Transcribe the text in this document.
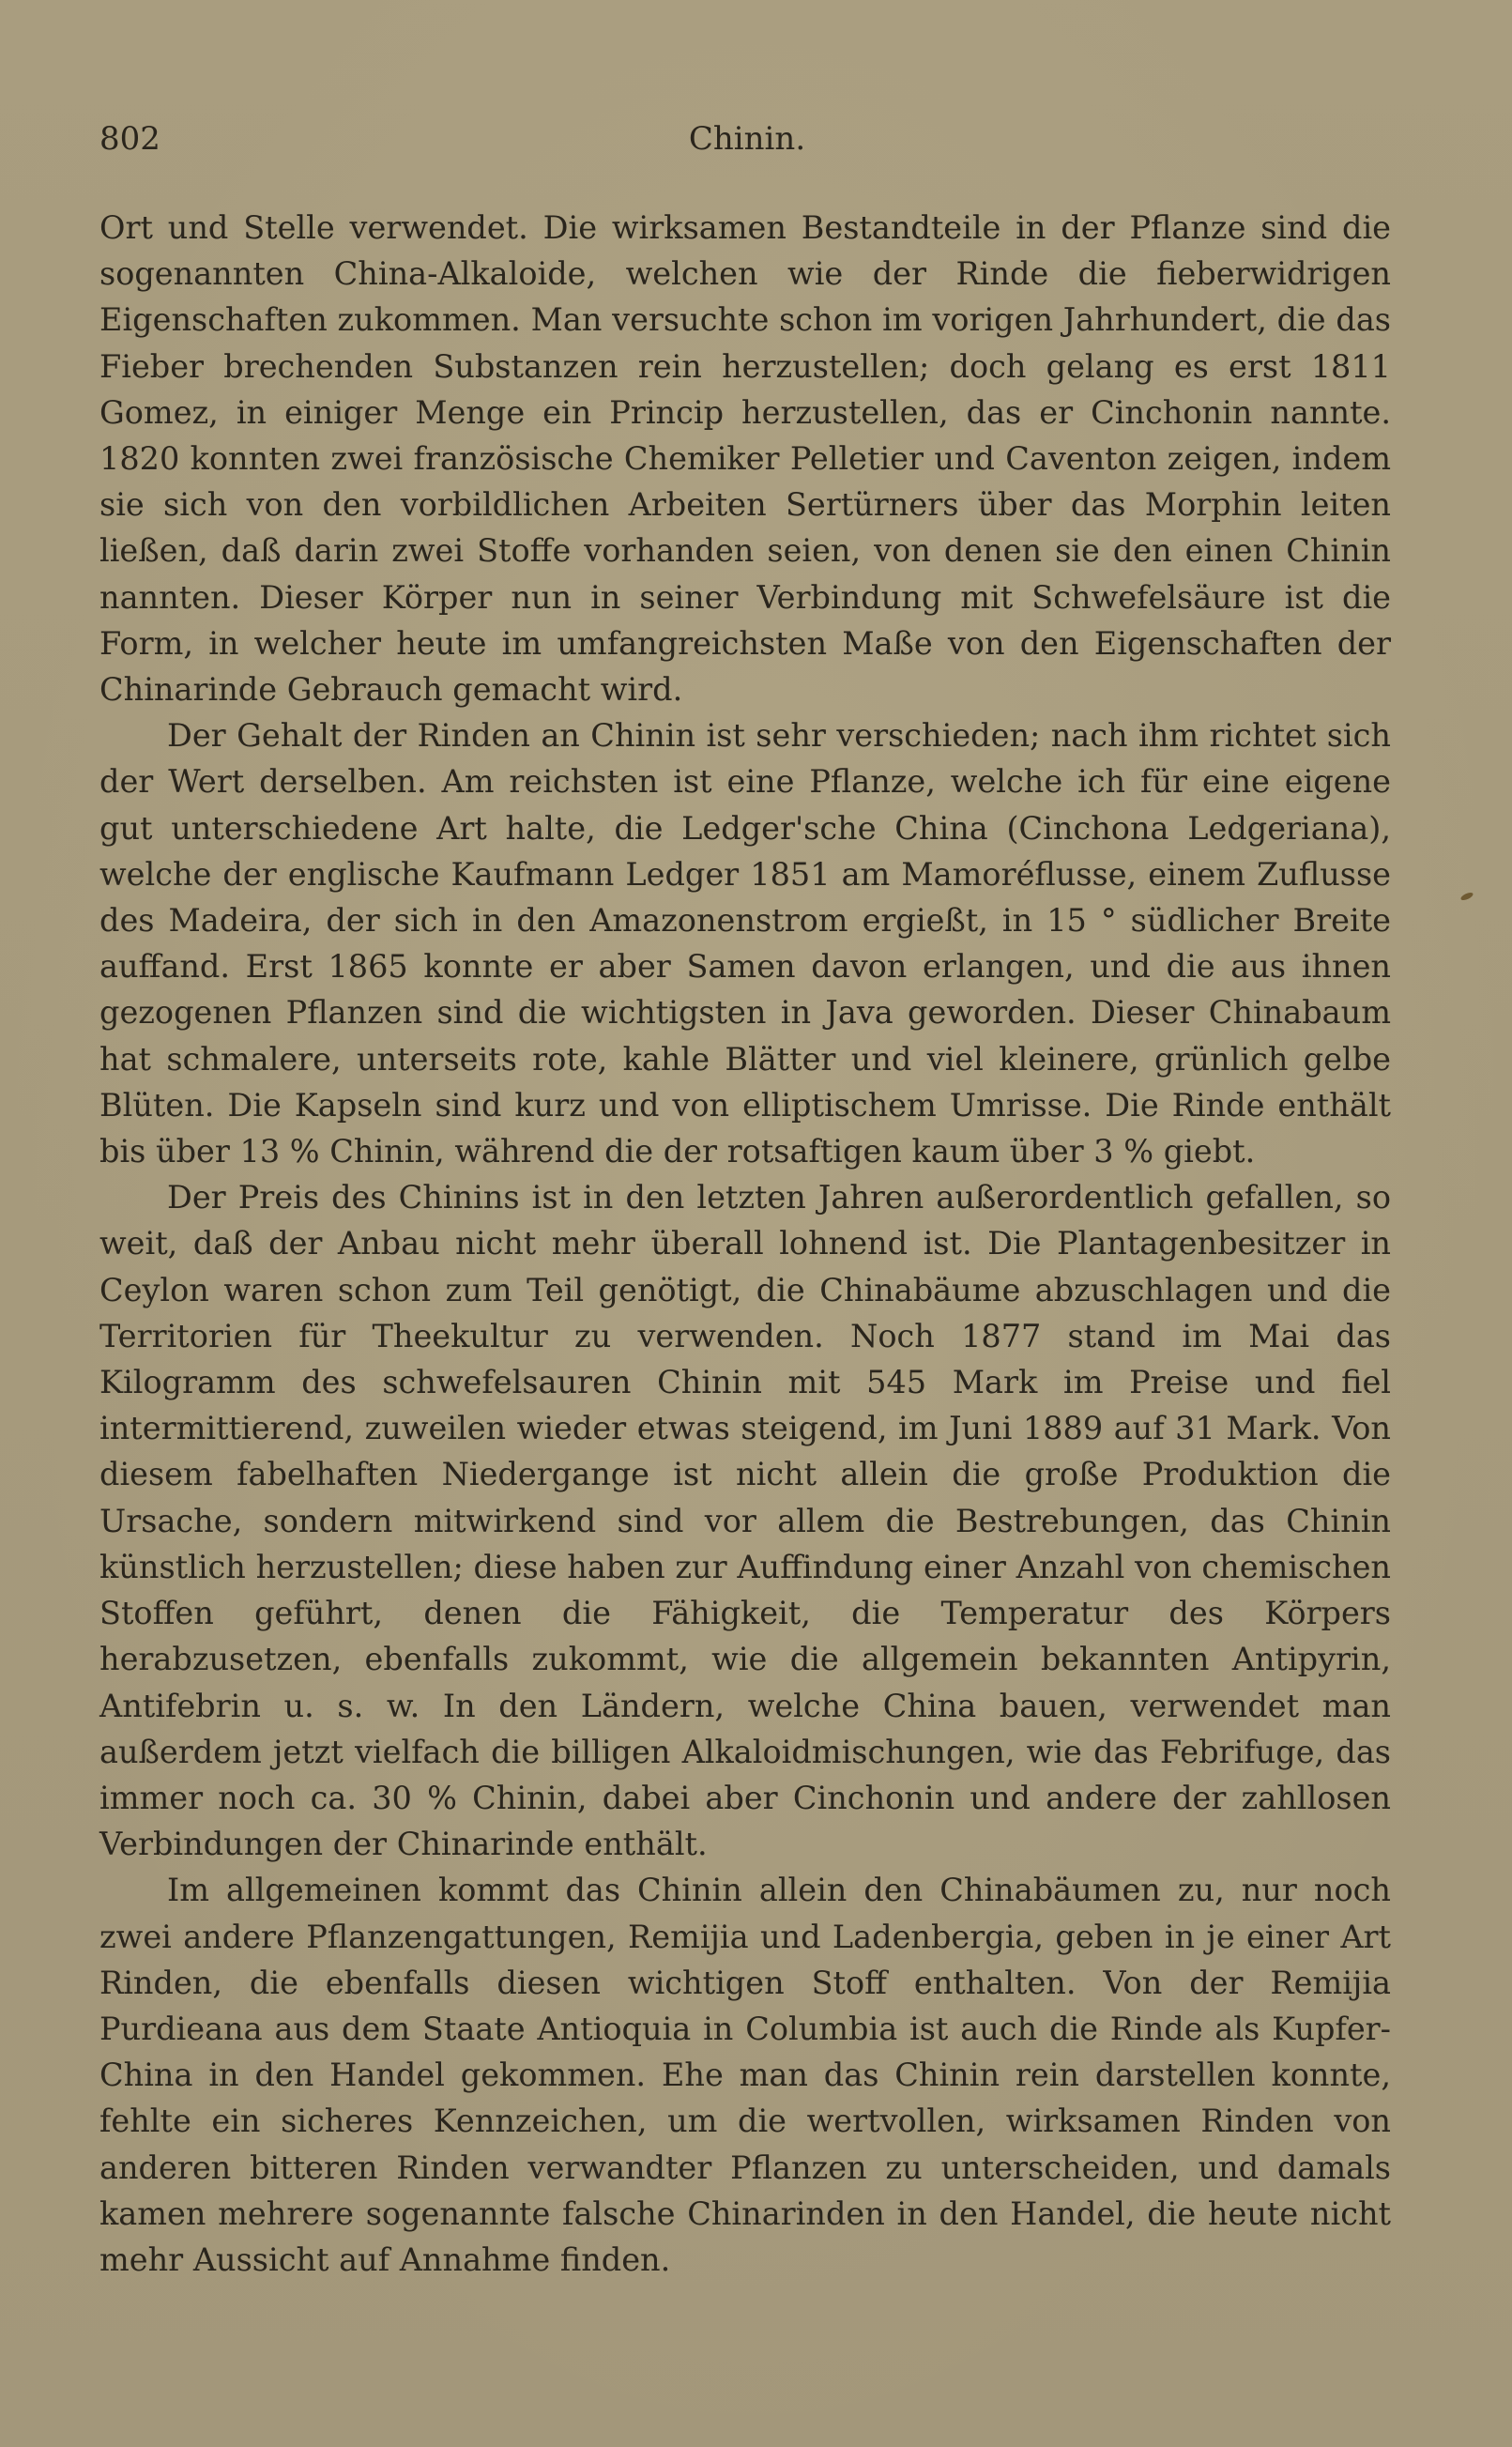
802	Chinin.

Ort und Stelle verwendet. Die wirksamen Bestandteile in der Pflanze sind die sogenannten China-Alkaloide, welchen wie der Rinde die fieberwidrigen Eigenschaften zukommen. Man versuchte schon im vorigen Jahrhundert, die das Fieber brechenden Substanzen rein herzustellen; doch gelang es erst 1811 Gomez, in einiger Menge ein Princip herzustellen, das er Cinchonin nannte. 1820 konnten zwei französische Chemiker Pelletier und Caventon zeigen, indem sie sich von den vorbildlichen Arbeiten Sertürners über das Morphin leiten ließen, daß darin zwei Stoffe vorhanden seien, von denen sie den einen Chinin nannten. Dieser Körper nun in seiner Verbindung mit Schwefelsäure ist die Form, in welcher heute im umfangreichsten Maße von den Eigenschaften der Chinarinde Gebrauch gemacht wird.

Der Gehalt der Rinden an Chinin ist sehr verschieden; nach ihm richtet sich der Wert derselben. Am reichsten ist eine Pflanze, welche ich für eine eigene gut unterschiedene Art halte, die Ledger'sche China (Cinchona Ledgeriana), welche der englische Kaufmann Ledger 1851 am Mamoréflusse, einem Zuflusse des Madeira, der sich in den Amazonenstrom ergießt, in 15 ° südlicher Breite auffand. Erst 1865 konnte er aber Samen davon erlangen, und die aus ihnen gezogenen Pflanzen sind die wichtigsten in Java geworden. Dieser Chinabaum hat schmalere, unterseits rote, kahle Blätter und viel kleinere, grünlich gelbe Blüten. Die Kapseln sind kurz und von elliptischem Umrisse. Die Rinde enthält bis über 13 % Chinin, während die der rotsaftigen kaum über 3 % giebt.

Der Preis des Chinins ist in den letzten Jahren außerordentlich gefallen, so weit, daß der Anbau nicht mehr überall lohnend ist. Die Plantagenbesitzer in Ceylon waren schon zum Teil genötigt, die Chinabäume abzuschlagen und die Territorien für Theekultur zu verwenden. Noch 1877 stand im Mai das Kilogramm des schwefelsauren Chinin mit 545 Mark im Preise und fiel intermittierend, zuweilen wieder etwas steigend, im Juni 1889 auf 31 Mark. Von diesem fabelhaften Niedergange ist nicht allein die große Produktion die Ursache, sondern mitwirkend sind vor allem die Bestrebungen, das Chinin künstlich herzustellen; diese haben zur Auffindung einer Anzahl von chemischen Stoffen geführt, denen die Fähigkeit, die Temperatur des Körpers herabzusetzen, ebenfalls zukommt, wie die allgemein bekannten Antipyrin, Antifebrin u. s. w. In den Ländern, welche China bauen, verwendet man außerdem jetzt vielfach die billigen Alkaloidmischungen, wie das Febrifuge, das immer noch ca. 30 % Chinin, dabei aber Cinchonin und andere der zahllosen Verbindungen der Chinarinde enthält.

Im allgemeinen kommt das Chinin allein den Chinabäumen zu, nur noch zwei andere Pflanzengattungen, Remijia und Ladenbergia, geben in je einer Art Rinden, die ebenfalls diesen wichtigen Stoff enthalten. Von der Remijia Purdieana aus dem Staate Antioquia in Columbia ist auch die Rinde als Kupfer-China in den Handel gekommen. Ehe man das Chinin rein darstellen konnte, fehlte ein sicheres Kennzeichen, um die wertvollen, wirksamen Rinden von anderen bitteren Rinden verwandter Pflanzen zu unterscheiden, und damals kamen mehrere sogenannte falsche Chinarinden in den Handel, die heute nicht mehr Aussicht auf Annahme finden.
